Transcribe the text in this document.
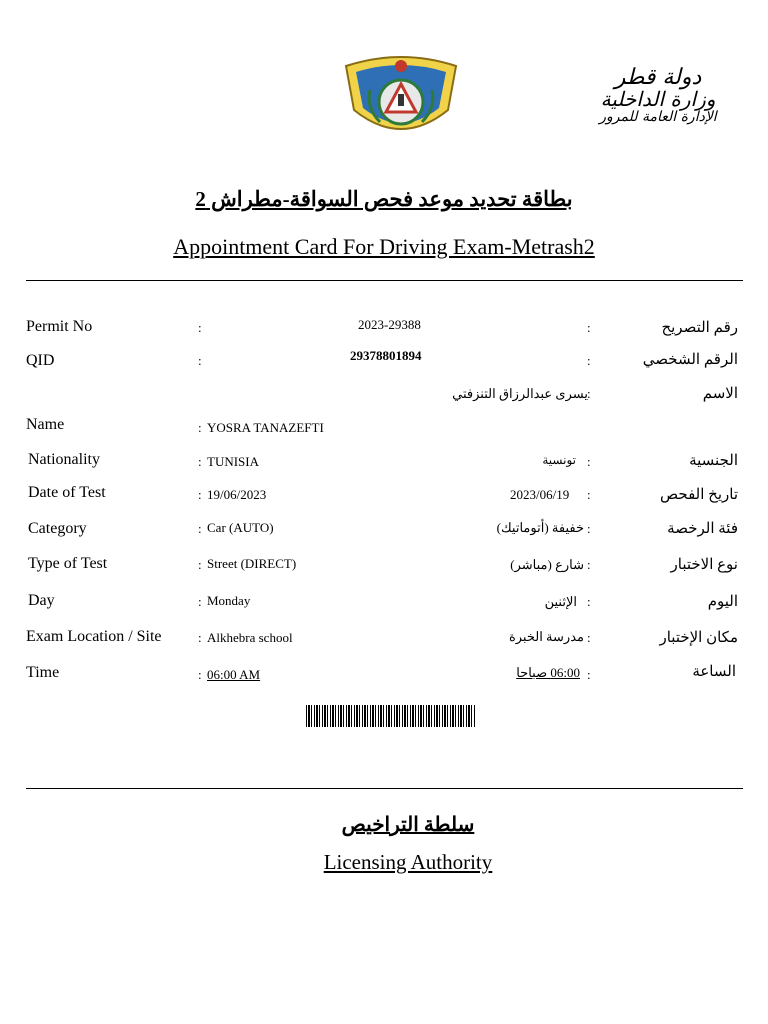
دولة قطر
وزارة الداخلية
الإدارة العامة للمرور
بطاقة تحديد موعد فحص السواقة-مطراش 2
Appointment Card For Driving Exam-Metrash2
Permit No	:	2023-29388	:	رقم التصريح
QID	:	29378801894	:	الرقم الشخصي
يسرى عبدالرزاق التنزفتي :	الاسم
Name	: YOSRA TANAZEFTI
Nationality	: TUNISIA	تونسية :	الجنسية
Date of Test	: 19/06/2023	2023/06/19 :	تاريخ الفحص
Category	: Car (AUTO)	خفيفة (أتوماتيك) :	فئة الرخصة
Type of Test	: Street (DIRECT)	شارع (مباشر) :	نوع الاختبار
Day	: Monday	الإثنين :	اليوم
Exam Location / Site	: Alkhebra school	مدرسة الخبرة :	مكان الإختبار
Time	: 06:00 AM	06:00 صباحا :	الساعة
سلطة التراخيص
Licensing Authority
